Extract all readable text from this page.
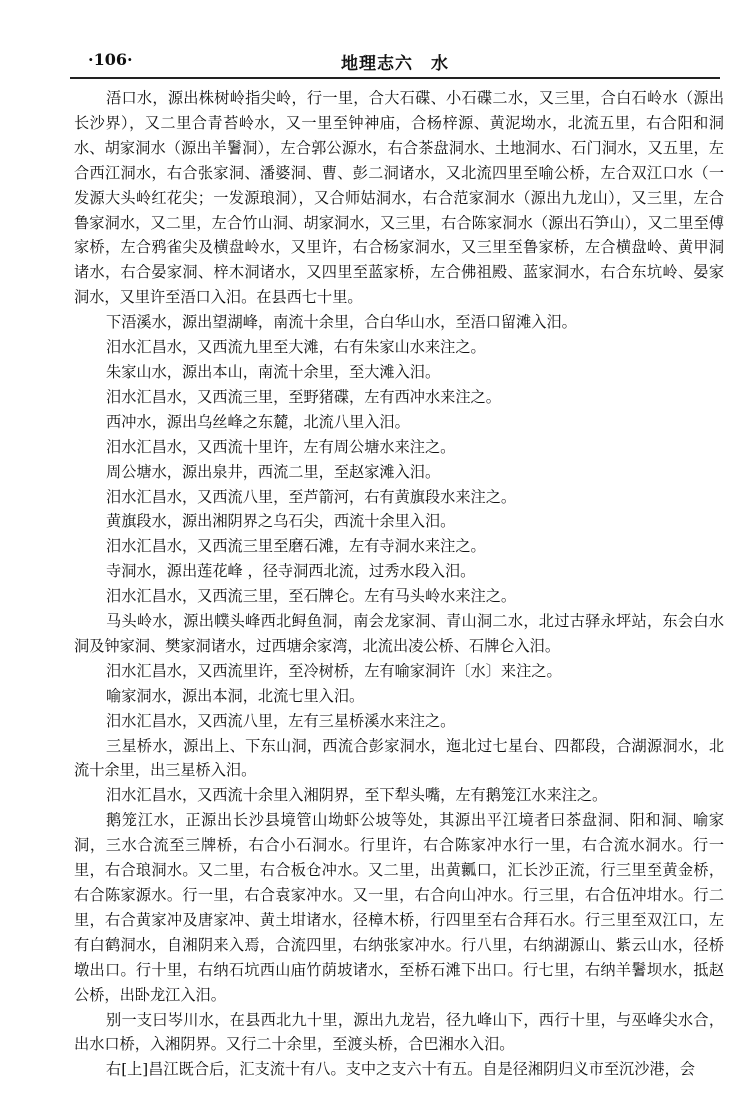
·106·	地理志六　水

浯口水，源出株树岭指尖岭，行一里，合大石碟、小石碟二水，又三里，合白石岭水（源出长沙界），又二里合青苔岭水，又一里至钟神庙，合杨梓源、黄泥坳水，北流五里，右合阳和洞水、胡家洞水（源出羊鬐洞），左合郭公源水，右合茶盘洞水、土地洞水、石门洞水，又五里，左合西江洞水，右合张家洞、潘婆洞、曹、彭二洞诸水，又北流四里至喻公桥，左合双江口水（一发源大头岭红花尖；一发源琅洞），又合师姑洞水，右合范家洞水（源出九龙山），又三里，左合鲁家洞水，又二里，左合竹山洞、胡家洞水，又三里，右合陈家洞水（源出石笋山），又二里至傅家桥，左合鸦雀尖及横盘岭水，又里许，右合杨家洞水，又三里至鲁家桥，左合横盘岭、黄甲洞诸水，右合晏家洞、梓木洞诸水，又四里至蓝家桥，左合佛祖殿、蓝家洞水，右合东坑岭、晏家洞水，又里许至浯口入汨。在县西七十里。

下浯溪水，源出望湖峰，南流十余里，合白华山水，至浯口留滩入汨。

汨水汇昌水，又西流九里至大滩，右有朱家山水来注之。

朱家山水，源出本山，南流十余里，至大滩入汨。

汨水汇昌水，又西流三里，至野猪碟，左有西冲水来注之。

西冲水，源出乌丝峰之东麓，北流八里入汨。

汨水汇昌水，又西流十里许，左有周公塘水来注之。

周公塘水，源出泉井，西流二里，至赵家滩入汨。

汨水汇昌水，又西流八里，至芦箭河，右有黄旗段水来注之。

黄旗段水，源出湘阴界之乌石尖，西流十余里入汨。

汨水汇昌水，又西流三里至磨石滩，左有寺洞水来注之。

寺洞水，源出莲花峰 ，径寺洞西北流，过秀水段入汨。

汨水汇昌水，又西流三里，至石牌仑。左有马头岭水来注之。

马头岭水，源出幞头峰西北鲟鱼洞，南会龙家洞、青山洞二水，北过古驿永坪站，东会白水洞及钟家洞、樊家洞诸水，过西塘余家湾，北流出凌公桥、石牌仑入汨。

汨水汇昌水，又西流里许，至冷树桥，左有喻家洞许〔水〕来注之。

喻家洞水，源出本洞，北流七里入汨。

汨水汇昌水，又西流八里，左有三星桥溪水来注之。

三星桥水，源出上、下东山洞，西流合彭家洞水，迤北过七星台、四都段，合湖源洞水，北流十余里，出三星桥入汨。

汨水汇昌水，又西流十余里入湘阴界，至下犁头嘴，左有鹅笼江水来注之。

鹅笼江水，正源出长沙县境管山坳虾公坡等处，其源出平江境者曰茶盘洞、阳和洞、喻家洞，三水合流至三牌桥，右合小石洞水。行里许，右合陈家冲水行一里，右合流水洞水。行一里，右合琅洞水。又二里，右合板仓冲水。又二里，出黄瓤口，汇长沙正流，行三里至黄金桥，右合陈家源水。行一里，右合袁家冲水。又一里，右合向山冲水。行三里，右合伍冲坩水。行二里，右合黄家冲及唐家冲、黄土坩诸水，径樟木桥，行四里至右合拜石水。行三里至双江口，左有白鹤洞水，自湘阴来入焉，合流四里，右纳张家冲水。行八里，右纳湖源山、紫云山水，径桥墩出口。行十里，右纳石坑西山庙竹荫坡诸水，至桥石滩下出口。行七里，右纳羊鬐坝水，抵赵公桥，出卧龙江入汨。

别一支曰岑川水，在县西北九十里，源出九龙岩，径九峰山下，西行十里，与巫峰尖水合，出水口桥，入湘阴界。又行二十余里，至渡头桥，合巴湘水入汨。

右[上]昌江既合后，汇支流十有八。支中之支六十有五。自是径湘阴归义市至沉沙港，会
